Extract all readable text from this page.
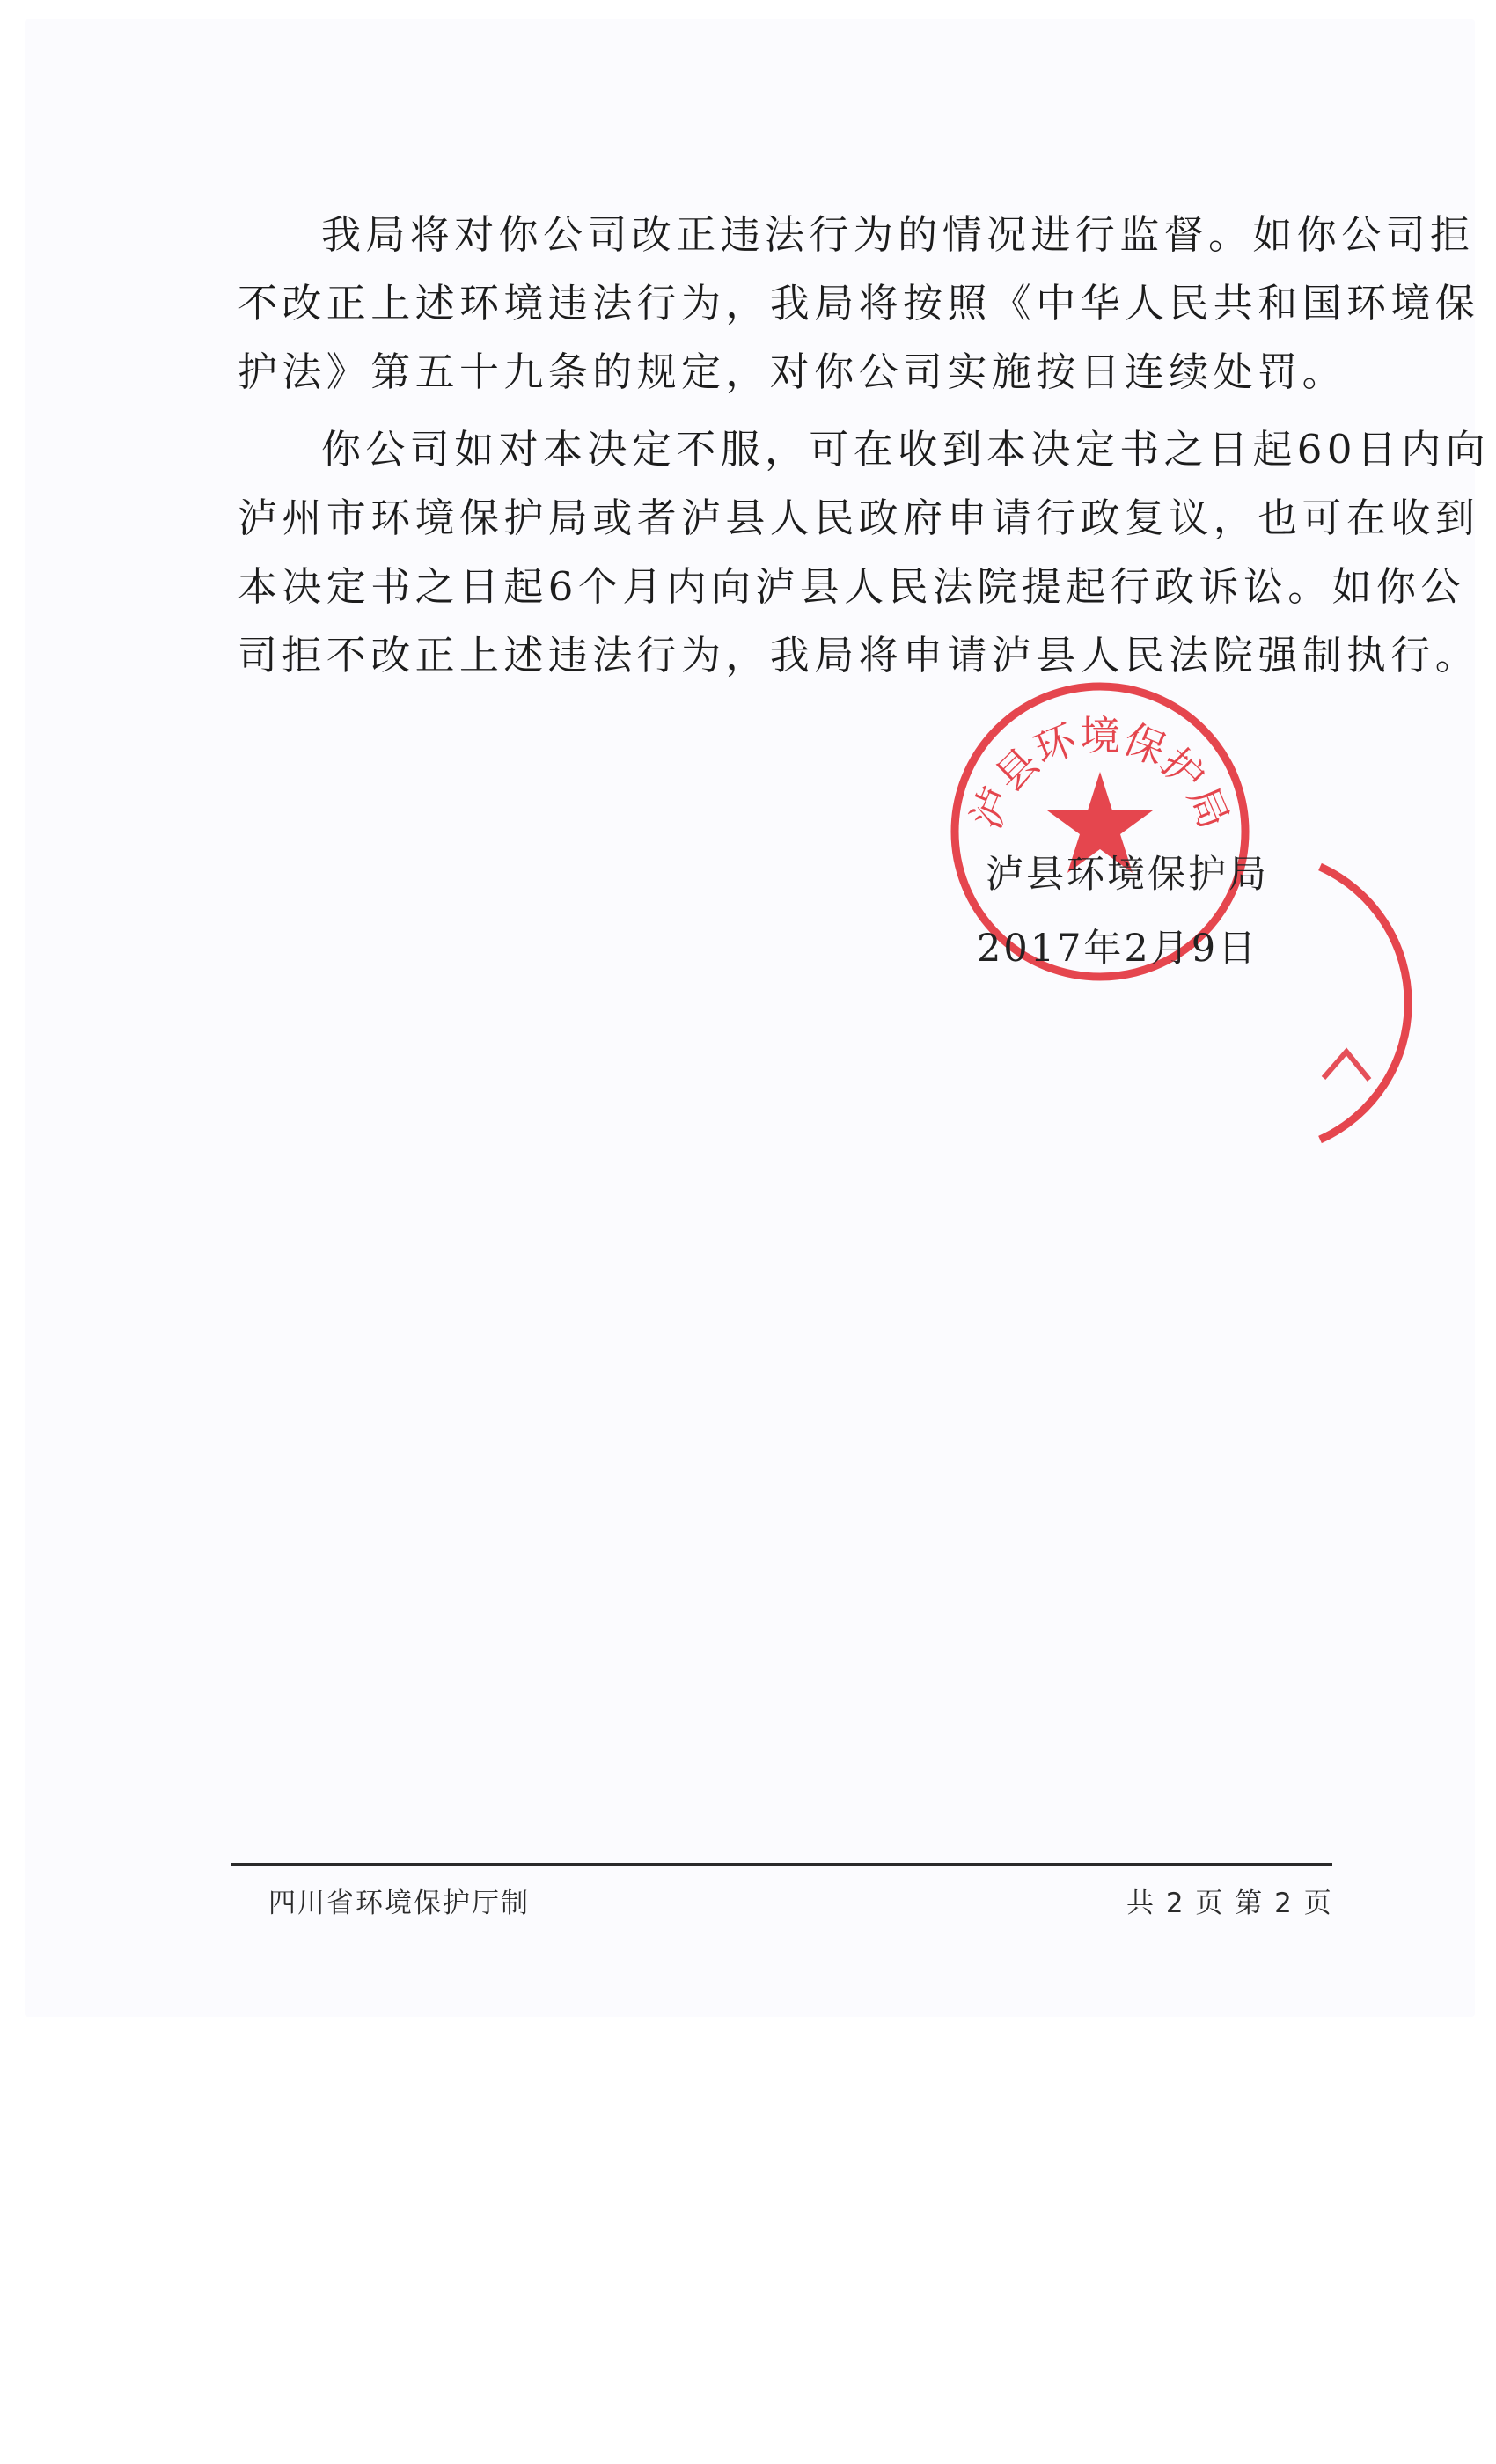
我局将对你公司改正违法行为的情况进行监督。如你公司拒
不改正上述环境违法行为，我局将按照《中华人民共和国环境保
护法》第五十九条的规定，对你公司实施按日连续处罚。
你公司如对本决定不服，可在收到本决定书之日起60日内向
泸州市环境保护局或者泸县人民政府申请行政复议，也可在收到
本决定书之日起6个月内向泸县人民法院提起行政诉讼。如你公
司拒不改正上述违法行为，我局将申请泸县人民法院强制执行。
泸县环境保护局
泸县环境保护局
2017年2月9日
四川省环境保护厅制	共 2 页 第 2 页
